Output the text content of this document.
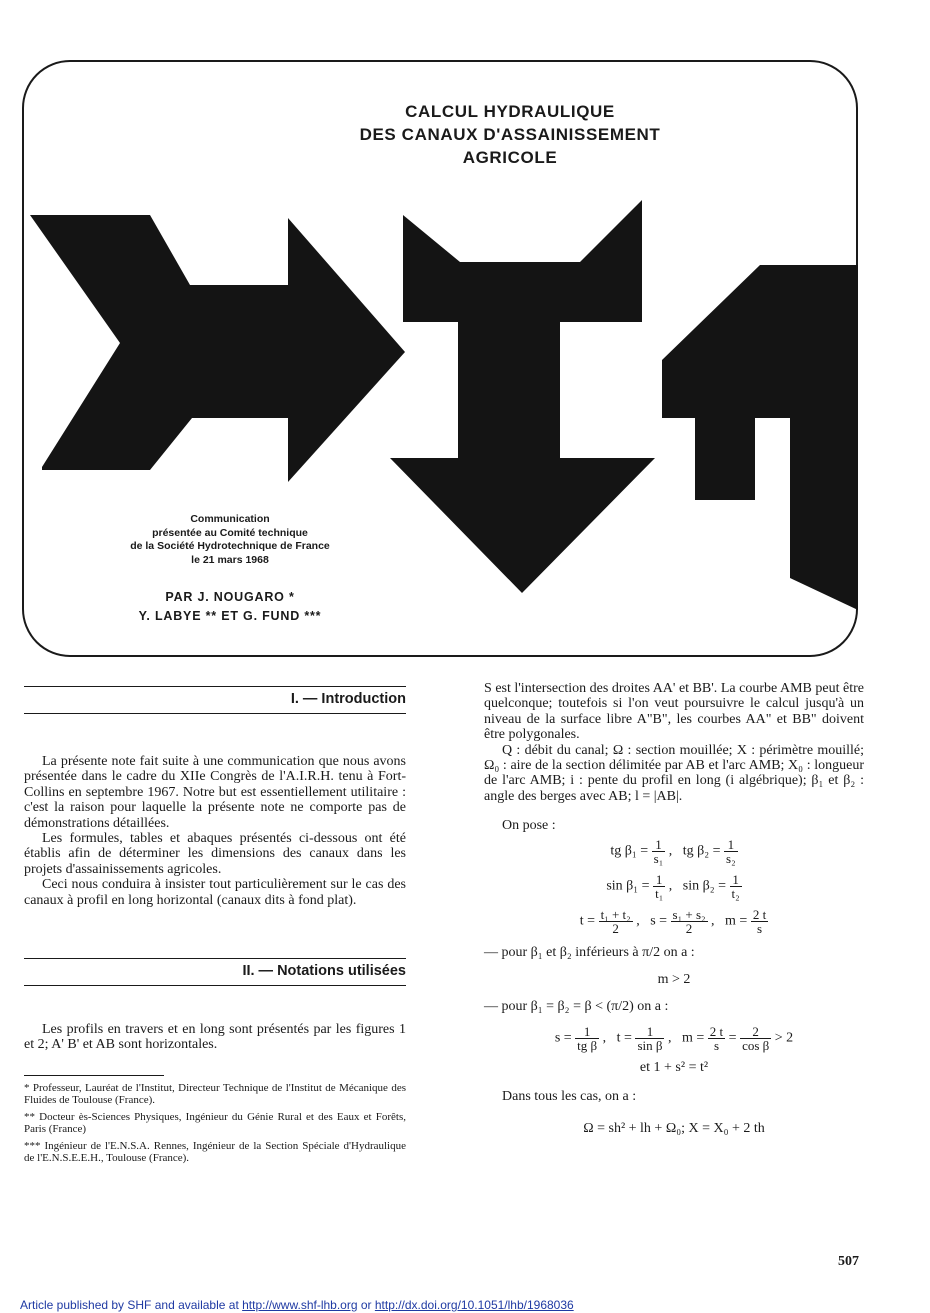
CALCUL HYDRAULIQUE
DES CANAUX D'ASSAINISSEMENT
AGRICOLE
Communication
présentée au Comité technique
de la Société Hydrotechnique de France
le 21 mars 1968
PAR J. NOUGARO *
Y. LABYE ** ET G. FUND ***
I. — Introduction

La présente note fait suite à une communication que nous avons présentée dans le cadre du XIIe Congrès de l'A.I.R.H. tenu à Fort-Collins en septembre 1967. Notre but est essentiellement utilitaire : c'est la raison pour laquelle la présente note ne comporte pas de démonstrations détaillées.

Les formules, tables et abaques présentés ci-dessous ont été établis afin de déterminer les dimensions des canaux dans les projets d'assainissements agricoles.

Ceci nous conduira à insister tout particulièrement sur le cas des canaux à profil en long horizontal (canaux dits à fond plat).

II. — Notations utilisées

Les profils en travers et en long sont présentés par les figures 1 et 2; A' B' et AB sont horizontales.

* Professeur, Lauréat de l'Institut, Directeur Technique de l'Institut de Mécanique des Fluides de Toulouse (France).
** Docteur ès-Sciences Physiques, Ingénieur du Génie Rural et des Eaux et Forêts, Paris (France)
*** Ingénieur de l'E.N.S.A. Rennes, Ingénieur de la Section Spéciale d'Hydraulique de l'E.N.S.E.E.H., Toulouse (France).

S est l'intersection des droites AA' et BB'. La courbe AMB peut être quelconque; toutefois si l'on veut poursuivre le calcul jusqu'à un niveau de la surface libre A"B", les courbes AA" et BB" doivent être polygonales.

Q : débit du canal; Ω : section mouillée; X : périmètre mouillé; Ω₀ : aire de la section délimitée par AB et l'arc AMB; X₀ : longueur de l'arc AMB; i : pente du profil en long (i algébrique); β₁ et β₂ : angle des berges avec AB; l = |AB|.

On pose :
tg $\beta_1 = \frac{1}{\text{s₁}}$ ,   tg $\beta_2 = \frac{1}{\text{s₂}}$
$\sin \beta_1 = \frac{1}{\text{t₁}}$ ,   $\sin \beta_2 = \frac{1}{\text{t₂}}$
$t = \frac{\text{t₁ + t₂}}{2}$ ,   $s = \frac{\text{s₁ + s₂}}{2}$ ,   $m = \frac{2 t}{s}$
— pour β₁ et β₂ inférieurs à π/2 on a :
m > 2
— pour β₁ = β₂ = β < (π/2) on a :
$s = \frac{1}{\text{tg β}}$ ,   $t = \frac{1}{\text{sin β}}$ ,   $m = \frac{2 t}{s} = \frac{2}{\text{cos β}} > 2$
et 1 + s² = t²
Dans tous les cas, on a :
Ω = sh² + lh + Ω₀; X = X₀ + 2 th
507
Article published by SHF and available at http://www.shf-lhb.org or http://dx.doi.org/10.1051/lhb/1968036
